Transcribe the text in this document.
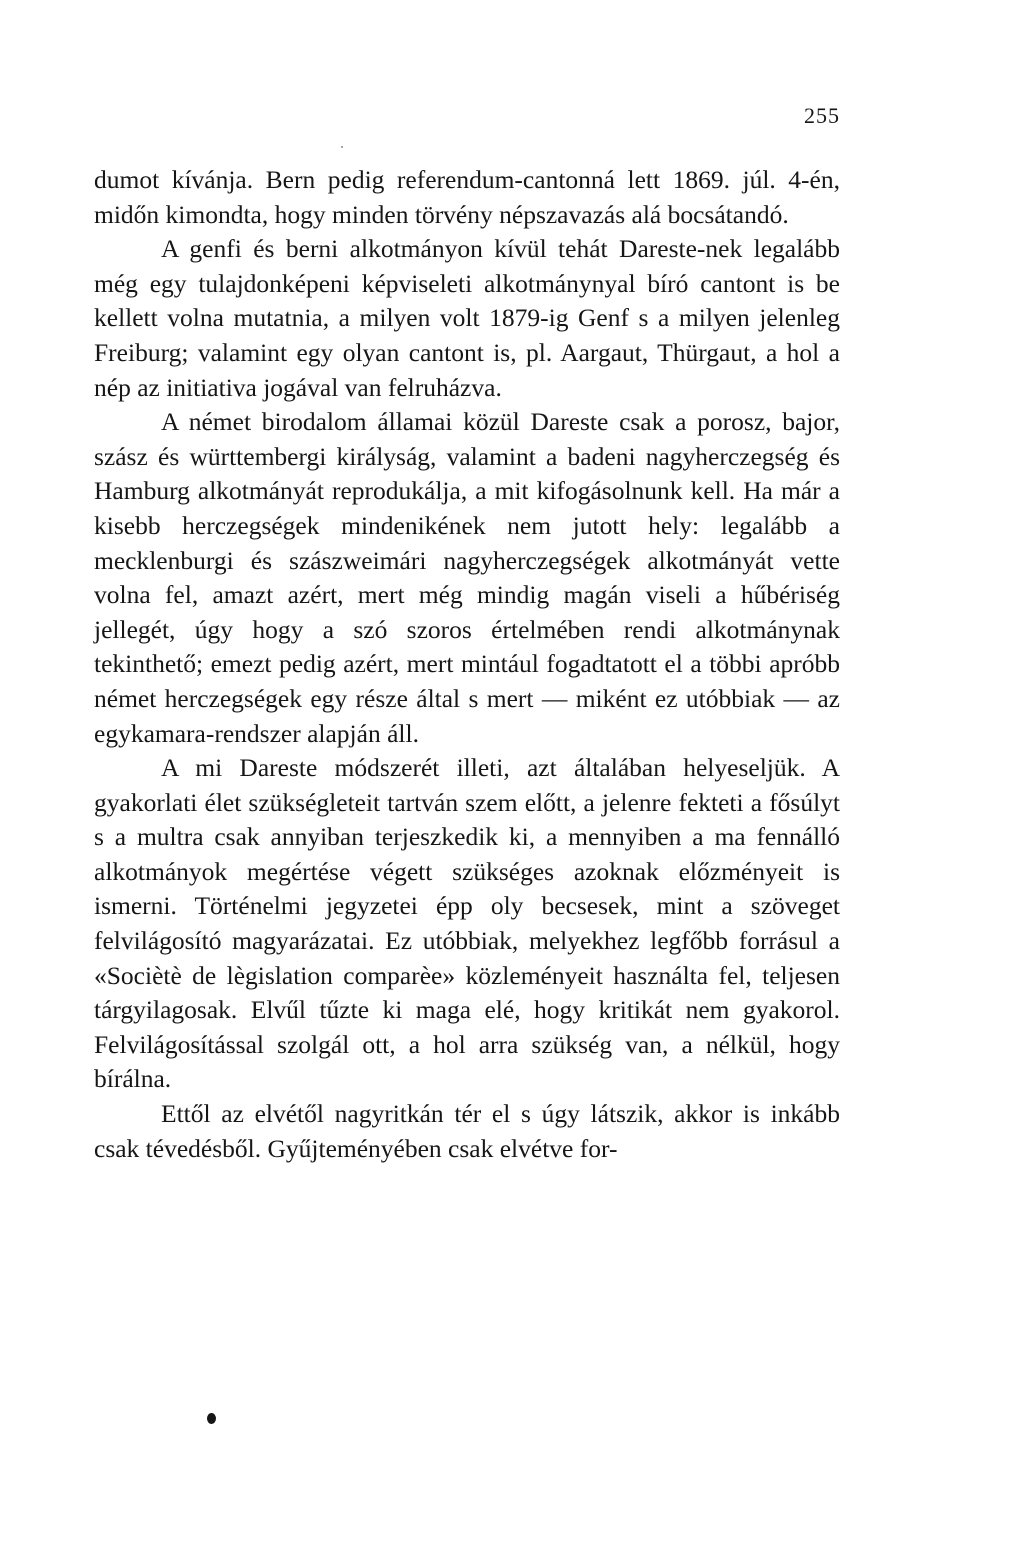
255

dumot kívánja. Bern pedig referendum-cantonná lett 1869. júl. 4-én, midőn kimondta, hogy minden törvény népszavazás alá bocsátandó.

A genfi és berni alkotmányon kívül tehát Dareste-nek legalább még egy tulajdonképeni képviseleti alkotmánynyal bíró cantont is be kellett volna mutatnia, a milyen volt 1879-ig Genf s a milyen jelenleg Freiburg; valamint egy olyan cantont is, pl. Aargaut, Thürgaut, a hol a nép az initiativa jogával van felruházva.

A német birodalom államai közül Dareste csak a porosz, bajor, szász és württembergi királyság, valamint a badeni nagyherczegség és Hamburg alkotmányát reprodukálja, a mit kifogásolnunk kell. Ha már a kisebb herczegségek mindenikének nem jutott hely: legalább a mecklenburgi és szászweimári nagyherczegségek alkotmányát vette volna fel, amazt azért, mert még mindig magán viseli a hűbériség jellegét, úgy hogy a szó szoros értelmében rendi alkotmánynak tekinthető; emezt pedig azért, mert mintául fogadtatott el a többi apróbb német herczegségek egy része által s mert — miként ez utóbbiak — az egykamara-rendszer alapján áll.

A mi Dareste módszerét illeti, azt általában helyeseljük. A gyakorlati élet szükségleteit tartván szem előtt, a jelenre fekteti a fősúlyt s a multra csak annyiban terjeszkedik ki, a mennyiben a ma fennálló alkotmányok megértése végett szükséges azoknak előzményeit is ismerni. Történelmi jegyzetei épp oly becsesek, mint a szöveget felvilágosító magyarázatai. Ez utóbbiak, melyekhez legfőbb forrásul a «Sociètè de lègislation comparèe» közleményeit használta fel, teljesen tárgyilagosak. Elvűl tűzte ki maga elé, hogy kritikát nem gyakorol. Felvilágosítással szolgál ott, a hol arra szükség van, a nélkül, hogy bírálna.

Ettől az elvétől nagyritkán tér el s úgy látszik, akkor is inkább csak tévedésből. Gyűjteményében csak elvétve for-
